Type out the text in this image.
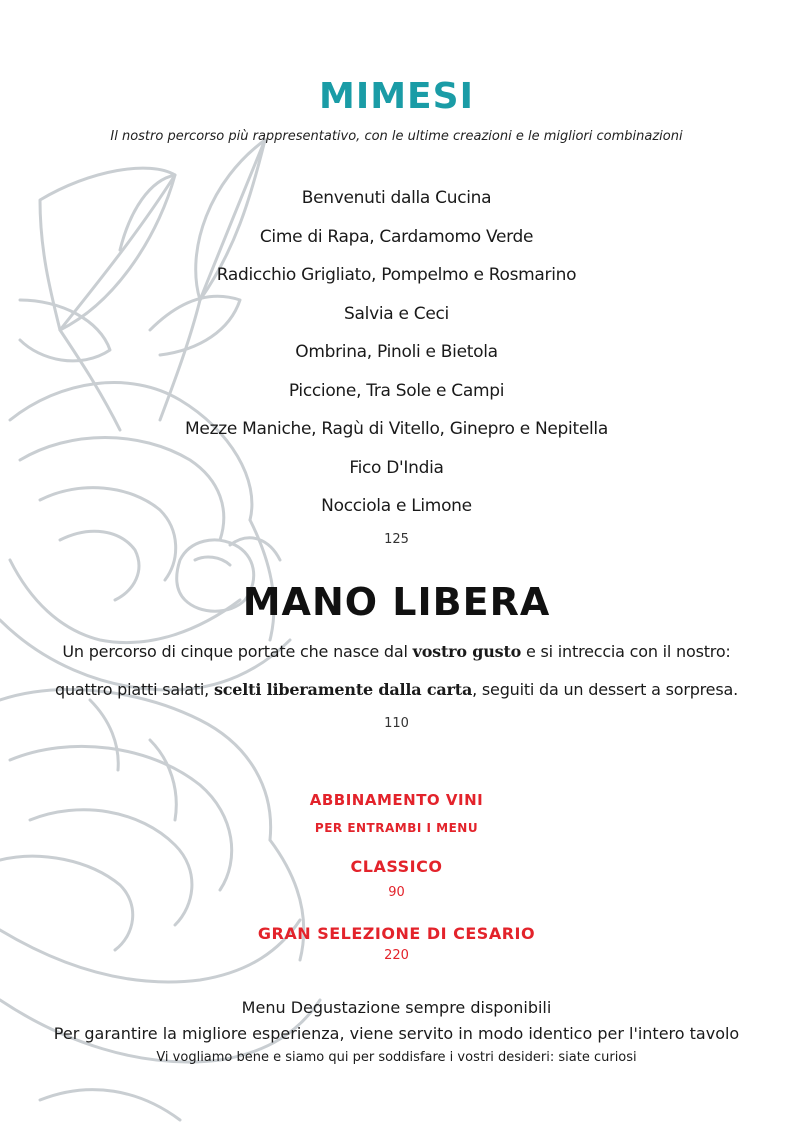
MIMESI
Il nostro percorso più rappresentativo, con le ultime creazioni e le migliori combinazioni
Benvenuti dalla Cucina
Cime di Rapa, Cardamomo Verde
Radicchio Grigliato, Pompelmo e Rosmarino
Salvia e Ceci
Ombrina, Pinoli e Bietola
Piccione, Tra Sole e Campi
Mezze Maniche, Ragù di Vitello, Ginepro e Nepitella
Fico D'India
Nocciola e Limone
125
MANO LIBERA
Un percorso di cinque portate che nasce dal vostro gusto e si intreccia con il nostro:
quattro piatti salati, scelti liberamente dalla carta, seguiti da un dessert a sorpresa.
110
ABBINAMENTO VINI
PER ENTRAMBI I MENU
CLASSICO
90
GRAN SELEZIONE DI CESARIO
220
Menu Degustazione sempre disponibili
Per garantire la migliore esperienza, viene servito in modo identico per l'intero tavolo
Vi vogliamo bene e siamo qui per soddisfare i vostri desideri: siate curiosi
